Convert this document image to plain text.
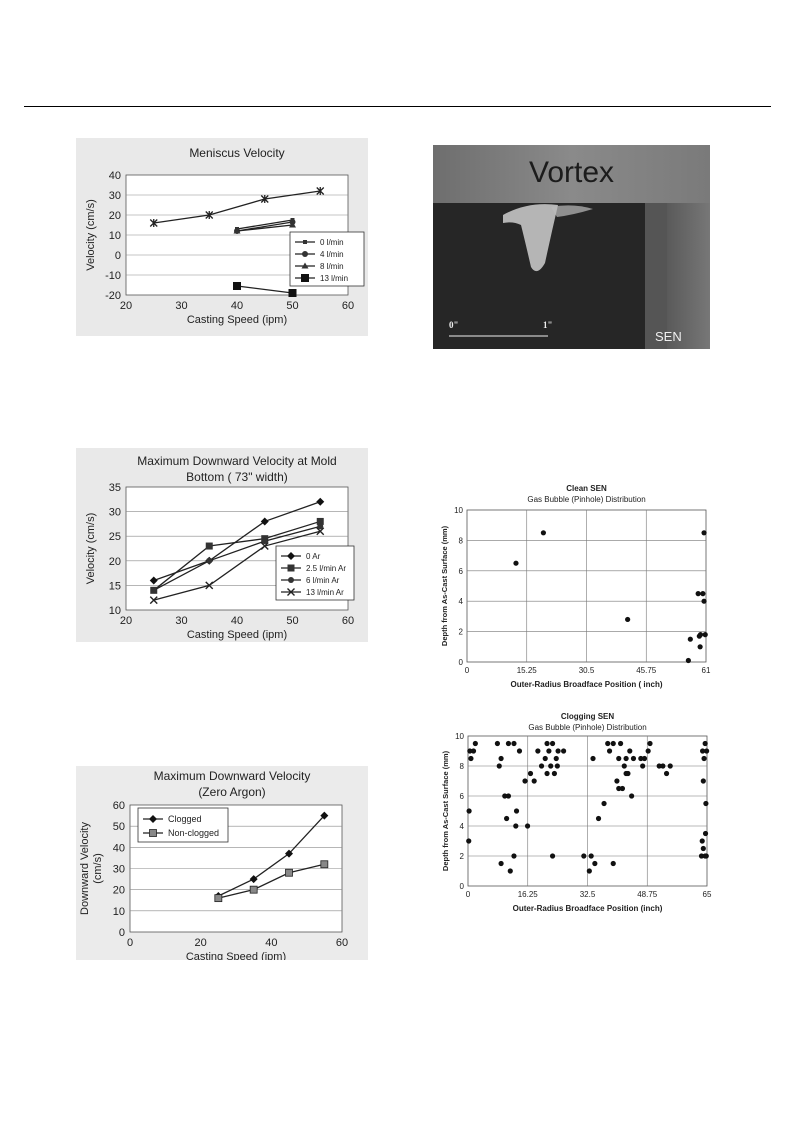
Meniscus Velocity
-20
-10
0
10
20
30
40
20	30	40	50	60
Casting Speed (ipm)
Velocity (cm/s)	0 l/min
4 l/min
8 l/min
13 l/min
Maximum Downward Velocity at Mold
Bottom ( 73" width)
10
15
20
25
30
35
20	30	40	50	60
Casting Speed (ipm)
Velocity (cm/s)	0 Ar
2.5 l/min Ar
6 l/min Ar
13 l/min Ar
Maximum Downward Velocity
(Zero Argon)
0
10
20
30
40
50
60
0	20	40	60
Casting Speed (ipm)
Downward Velocity (cm/s)
Clogged
Non-clogged
Clean SEN
Gas Bubble (Pinhole) Distribution
0
2
4
6
8
10
0	15.25	30.5	45.75	61
Outer-Radius Broadface Position ( inch)
Depth from As-Cast Surface (mm)
Clogging SEN
Gas Bubble (Pinhole) Distribution
0
2
4
6
8
10
0	16.25	32.5	48.75	65
Outer-Radius Broadface Position (inch)
Depth from As-Cast Surface (mm)
Vortex
0"	1"
SEN
